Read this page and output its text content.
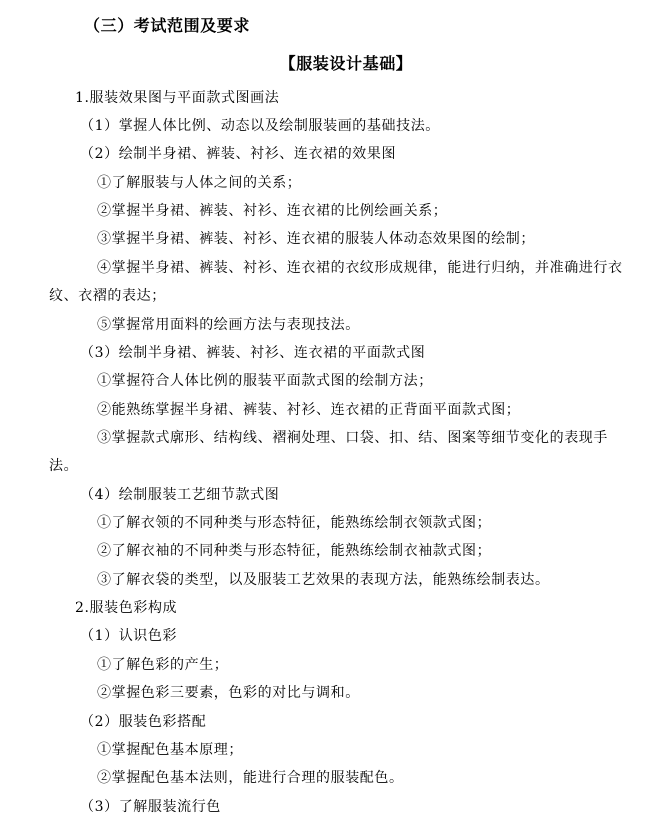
（三）考试范围及要求
【服装设计基础】
1.服装效果图与平面款式图画法
（1）掌握人体比例、动态以及绘制服装画的基础技法。
（2）绘制半身裙、裤装、衬衫、连衣裙的效果图
①了解服装与人体之间的关系；
②掌握半身裙、裤装、衬衫、连衣裙的比例绘画关系；
③掌握半身裙、裤装、衬衫、连衣裙的服装人体动态效果图的绘制；
④掌握半身裙、裤装、衬衫、连衣裙的衣纹形成规律，能进行归纳，并准确进行衣
纹、衣褶的表达；
⑤掌握常用面料的绘画方法与表现技法。
（3）绘制半身裙、裤装、衬衫、连衣裙的平面款式图
①掌握符合人体比例的服装平面款式图的绘制方法；
②能熟练掌握半身裙、裤装、衬衫、连衣裙的正背面平面款式图；
③掌握款式廓形、结构线、褶裥处理、口袋、扣、结、图案等细节变化的表现手
法。
（4）绘制服装工艺细节款式图
①了解衣领的不同种类与形态特征，能熟练绘制衣领款式图；
②了解衣袖的不同种类与形态特征，能熟练绘制衣袖款式图；
③了解衣袋的类型，以及服装工艺效果的表现方法，能熟练绘制表达。
2.服装色彩构成
（1）认识色彩
①了解色彩的产生；
②掌握色彩三要素，色彩的对比与调和。
（2）服装色彩搭配
①掌握配色基本原理；
②掌握配色基本法则，能进行合理的服装配色。
（3）了解服装流行色
